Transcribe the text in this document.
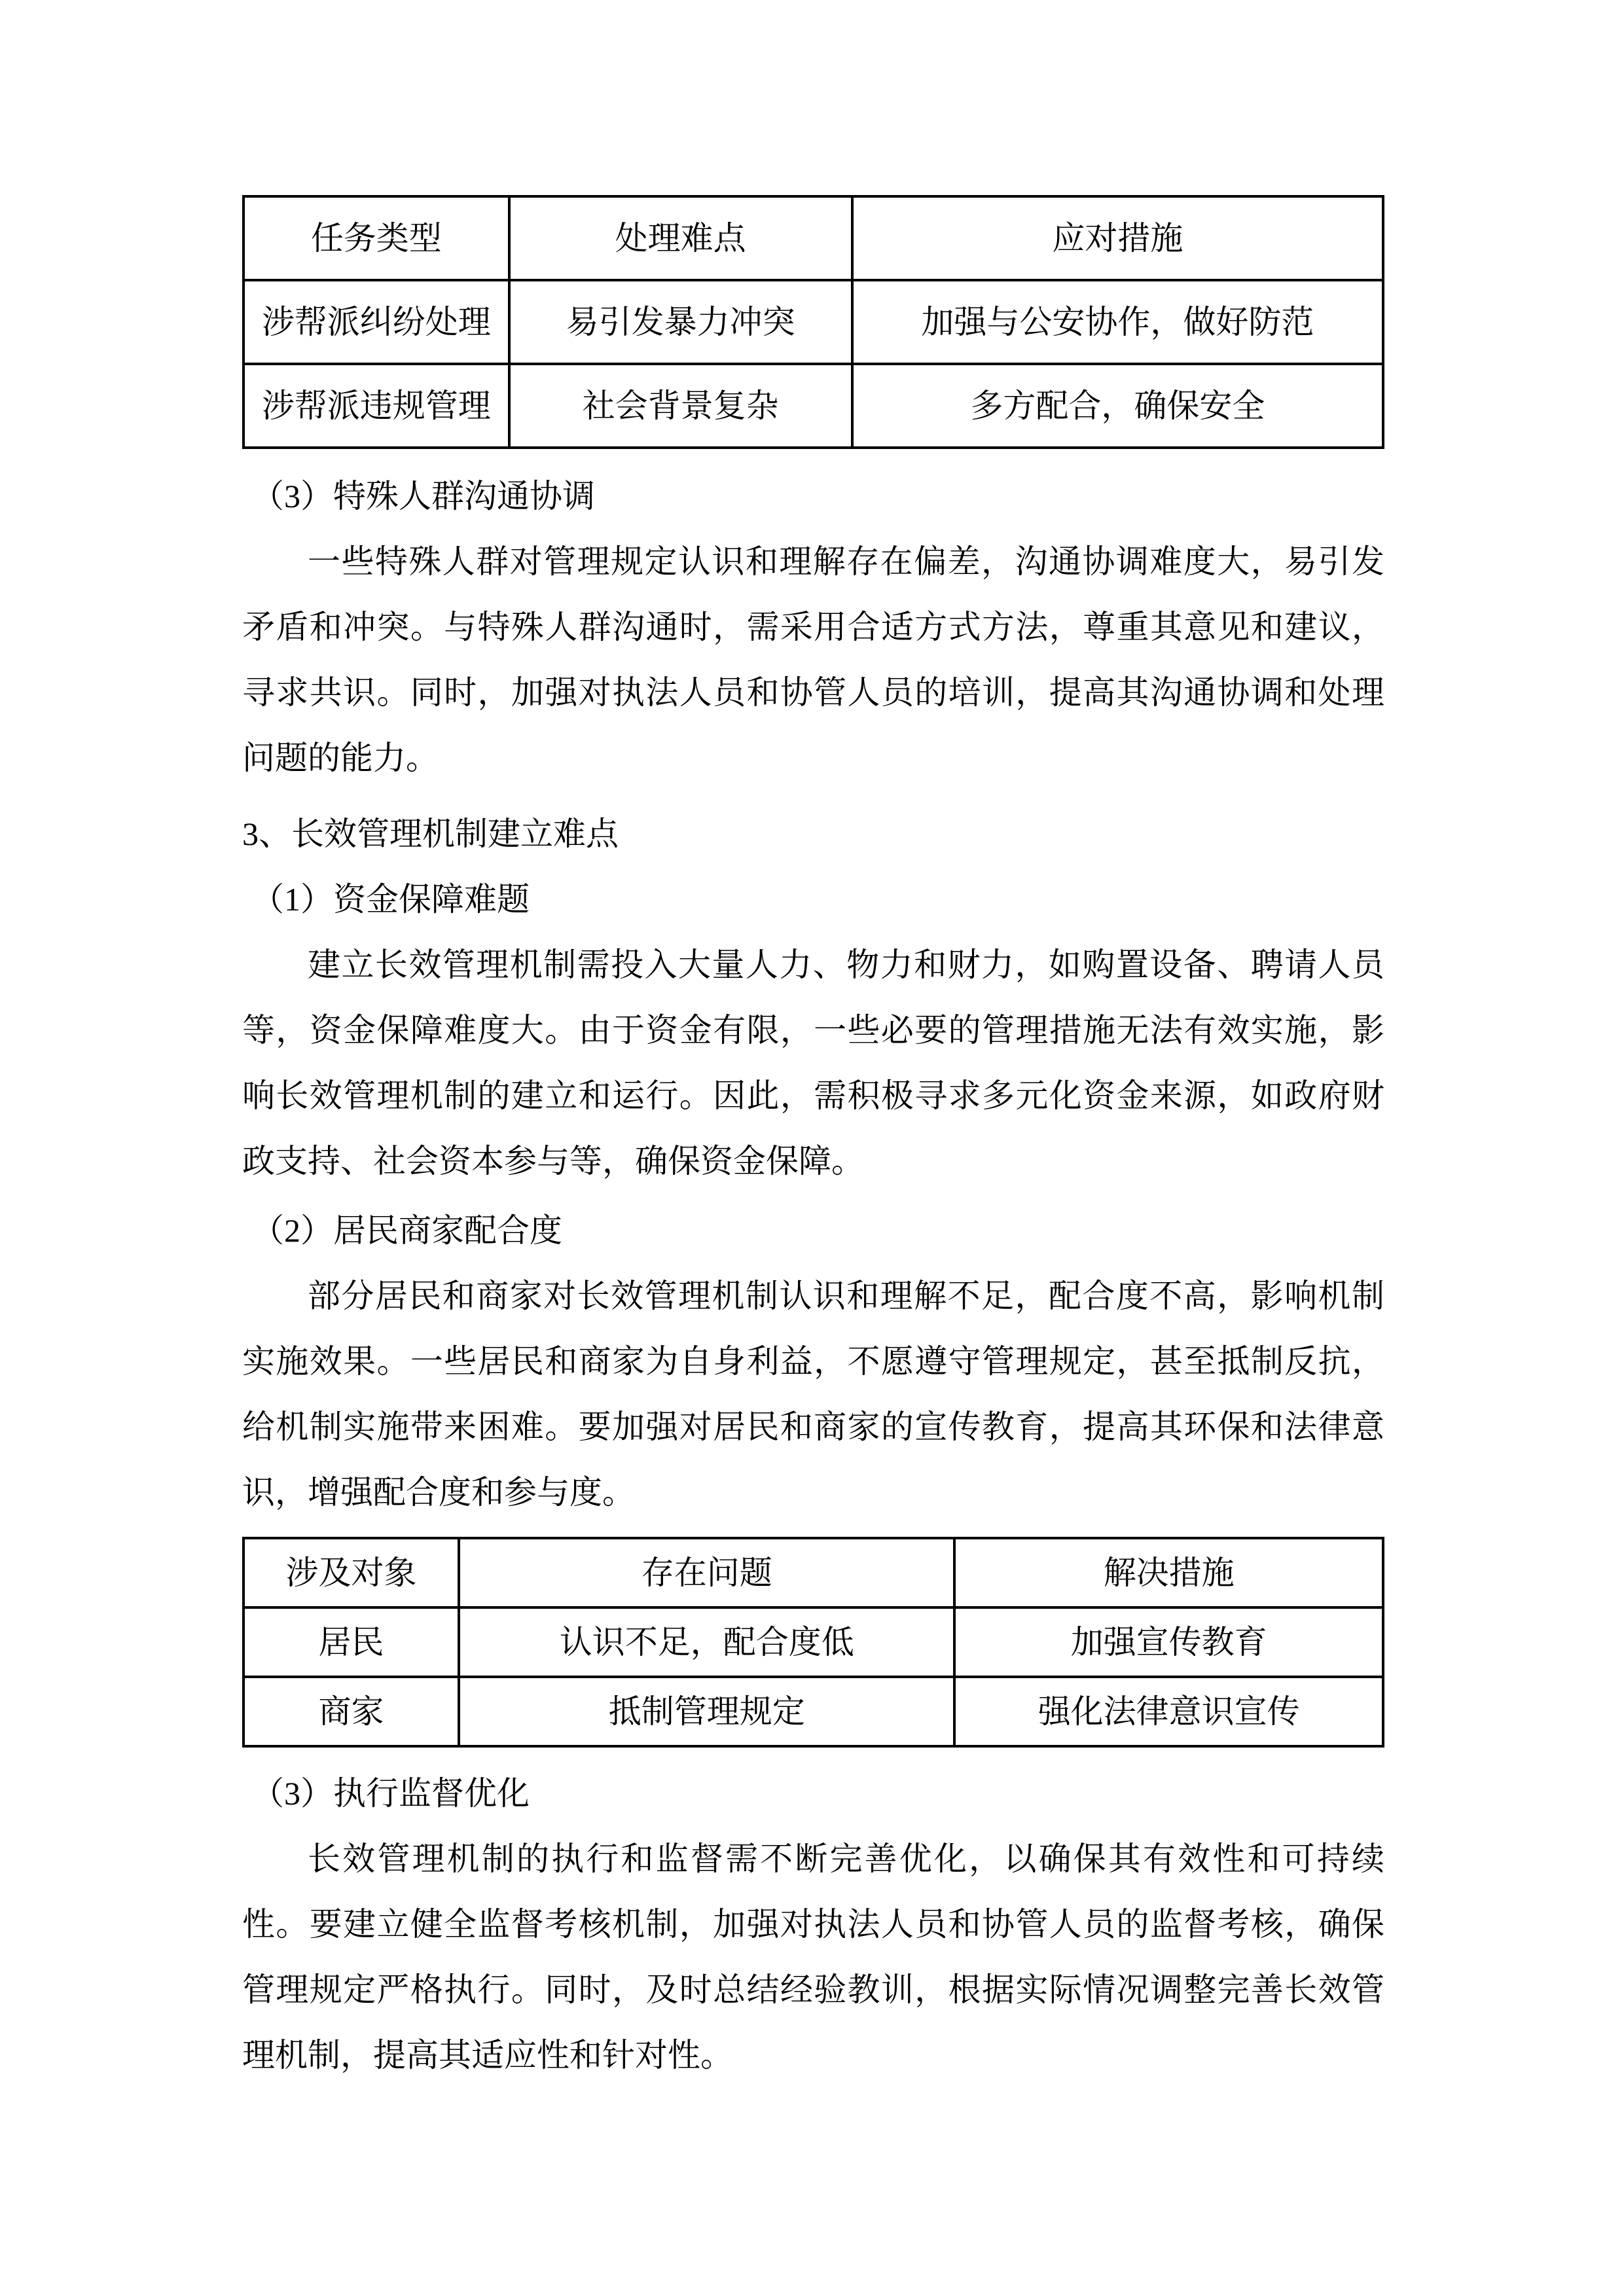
任务类型	处理难点	应对措施
涉帮派纠纷处理	易引发暴力冲突	加强与公安协作，做好防范
涉帮派违规管理	社会背景复杂	多方配合，确保安全
（3）特殊人群沟通协调
一些特殊人群对管理规定认识和理解存在偏差，沟通协调难度大，易引发
矛盾和冲突。与特殊人群沟通时，需采用合适方式方法，尊重其意见和建议，
寻求共识。同时，加强对执法人员和协管人员的培训，提高其沟通协调和处理
问题的能力。
3、长效管理机制建立难点
（1）资金保障难题
建立长效管理机制需投入大量人力、物力和财力，如购置设备、聘请人员
等，资金保障难度大。由于资金有限，一些必要的管理措施无法有效实施，影
响长效管理机制的建立和运行。因此，需积极寻求多元化资金来源，如政府财
政支持、社会资本参与等，确保资金保障。
（2）居民商家配合度
部分居民和商家对长效管理机制认识和理解不足，配合度不高，影响机制
实施效果。一些居民和商家为自身利益，不愿遵守管理规定，甚至抵制反抗，
给机制实施带来困难。要加强对居民和商家的宣传教育，提高其环保和法律意
识，增强配合度和参与度。
涉及对象	存在问题	解决措施
居民	认识不足，配合度低	加强宣传教育
商家	抵制管理规定	强化法律意识宣传
（3）执行监督优化
长效管理机制的执行和监督需不断完善优化，以确保其有效性和可持续
性。要建立健全监督考核机制，加强对执法人员和协管人员的监督考核，确保
管理规定严格执行。同时，及时总结经验教训，根据实际情况调整完善长效管
理机制，提高其适应性和针对性。
